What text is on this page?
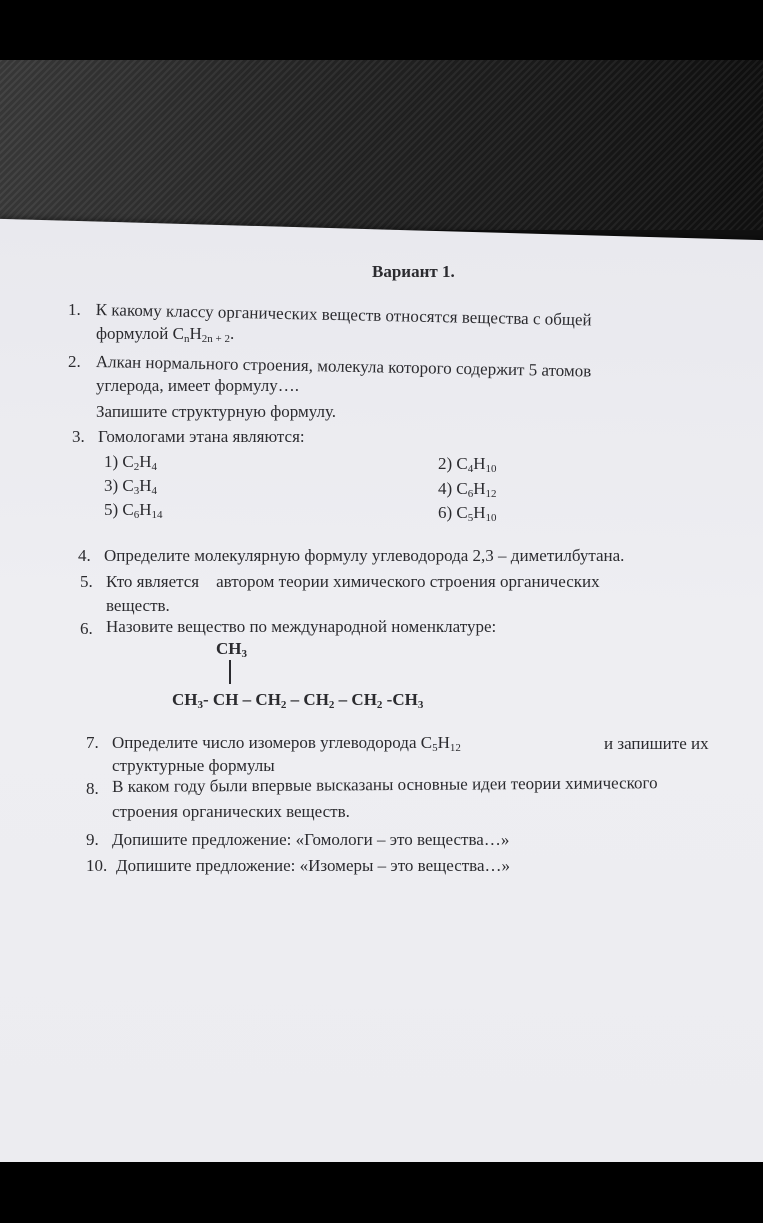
Вариант 1.
1. К какому классу органических веществ относятся вещества с общей
формулой $C_nH_{2n + 2}$.
2. Алкан нормального строения, молекула которого содержит 5 атомов
углерода, имеет формулу….
Запишите структурную формулу.
3. Гомологами этана являются:
1) $C_2H_4$	2) $C_4H_{10}$
3) $C_3H_4$	4) $C_6H_{12}$
5) $C_6H_{14}$	6) $C_5H_{10}$
4. Определите молекулярную формулу углеводорода 2,3 – диметилбутана.
5. Кто является    автором теории химического строения органических
веществ.
6. Назовите вещество по международной номенклатуре:
$CH_3$
$CH_3-$ CH – $CH_2 - CH_2 - CH_2$ $-CH_3$
7. Определите число изомеров углеводорода $C_5H_{12}$	и запишите их
структурные формулы
8. В каком году были впервые высказаны основные идеи теории химического
строения органических веществ.
9. Допишите предложение: «Гомологи – это вещества…»
10. Допишите предложение: «Изомеры – это вещества…»
